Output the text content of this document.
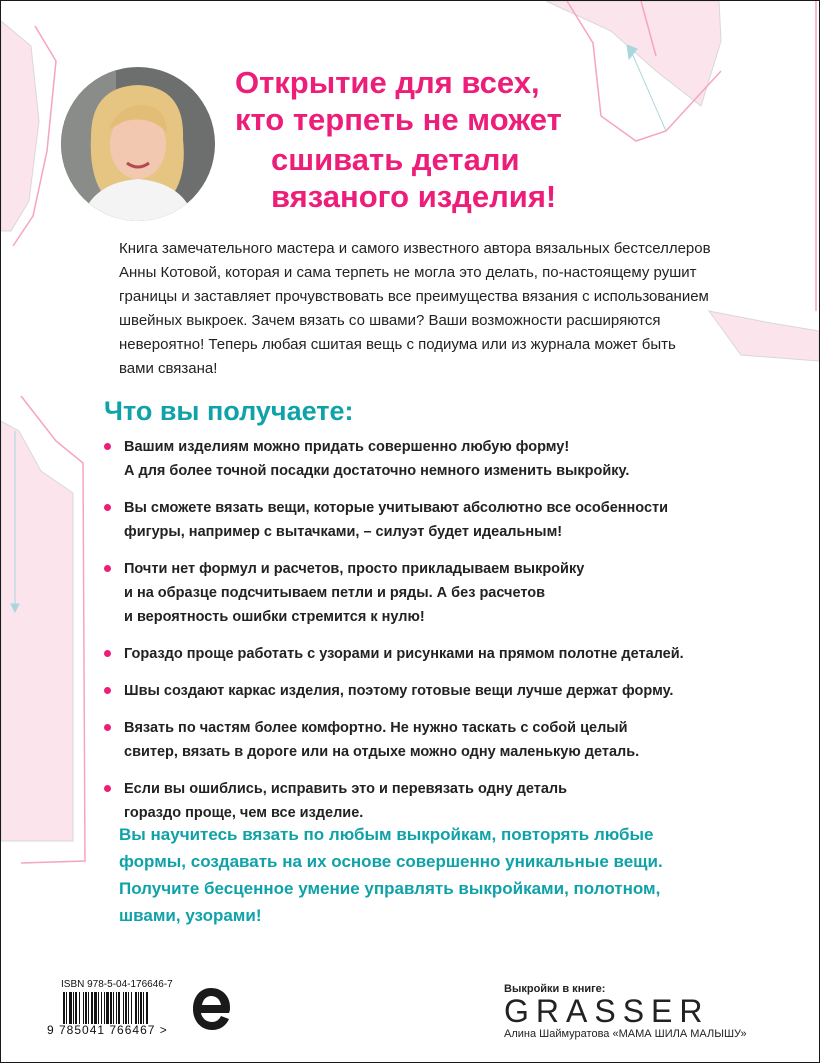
Открытие для всех,
кто терпеть не может
сшивать детали
вязаного изделия!
Книга замечательного мастера и самого известного автора вязальных бестселлеров
Анны Котовой, которая и сама терпеть не могла это делать, по-настоящему рушит
границы и заставляет прочувствовать все преимущества вязания с использованием
швейных выкроек. Зачем вязать со швами? Ваши возможности расширяются
невероятно! Теперь любая сшитая вещь с подиума или из журнала может быть
вами связана!
Что вы получаете:
Вашим изделиям можно придать совершенно любую форму!
А для более точной посадки достаточно немного изменить выкройку.
Вы сможете вязать вещи, которые учитывают абсолютно все особенности
фигуры, например с вытачками, – силуэт будет идеальным!
Почти нет формул и расчетов, просто прикладываем выкройку
и на образце подсчитываем петли и ряды. А без расчетов
и вероятность ошибки стремится к нулю!
Гораздо проще работать с узорами и рисунками на прямом полотне деталей.
Швы создают каркас изделия, поэтому готовые вещи лучше держат форму.
Вязать по частям более комфортно. Не нужно таскать с собой целый
свитер, вязать в дороге или на отдыхе можно одну маленькую деталь.
Если вы ошиблись, исправить это и перевязать одну деталь
гораздо проще, чем все изделие.
Вы научитесь вязать по любым выкройкам, повторять любые
формы, создавать на их основе совершенно уникальные вещи.
Получите бесценное умение управлять выкройками, полотном,
швами, узорами!
ISBN 978-5-04-176646-7
9 785041 766467 >
Выкройки в книге:
GRASSER
Алина Шаймуратова «МАМА ШИЛА МАЛЫШУ»
